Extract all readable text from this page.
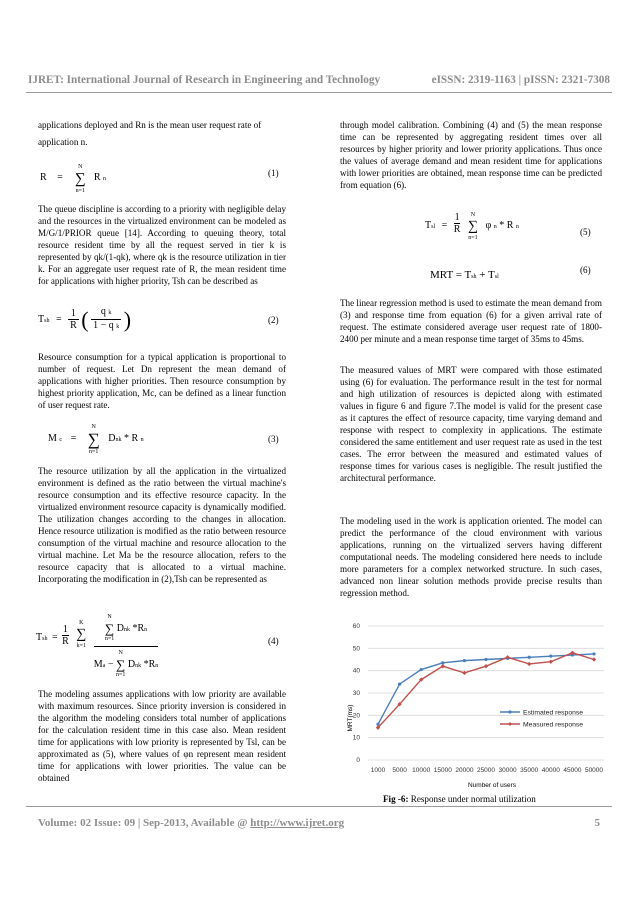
IJRET: International Journal of Research in Engineering and Technology	eISSN: 2319-1163 | pISSN: 2321-7308

applications deployed and Rn is the mean user request rate of

application n.

R =
N
∑
n=1
R n
(1)

The queue discipline is according to a priority with negligible delay and the resources in the virtualized environment can be modeled as M/G/1/PRIOR queue [14]. According to queuing theory, total resource resident time by all the request served in tier k is represented by qk/(1-qk), where qk is the resource utilization in tier k. For an aggregate user request rate of R, the mean resident time for applications with higher priority, Tsh can be described as

Tsh = $\frac{1}{R}$ ( $\frac{\text{q k}}{\text{1 − q k}}$ )	(2)

Resource consumption for a typical application is proportional to number of request. Let Dn represent the mean demand of applications with higher priorities. Then resource consumption by highest priority application, Mc, can be defined as a linear function of user request rate.

M c =
N
∑
n=1
Dnk * R n	(3)

The resource utilization by all the application in the virtualized environment is defined as the ratio between the virtual machine's resource consumption and its effective resource capacity. In the virtualized environment resource capacity is dynamically modified. The utilization changes according to the changes in allocation. Hence resource utilization is modified as the ratio between resource consumption of the virtual machine and resource allocation to the virtual machine. Let Ma be the resource allocation, refers to the resource capacity that is allocated to a virtual machine. Incorporating the modification in (2),Tsh can be represented as

Tsh = $\frac{1}{R}$

K
∑
k=1

N
∑
n=1
Dnk *Rn
Ma −
N
∑
n=1
Dnk *Rn
(4)

The modeling assumes applications with low priority are available with maximum resources. Since priority inversion is considered in the algorithm the modeling considers total number of applications for the calculation resident time in this case also. Mean resident time for applications with low priority is represented by Tsl, can be approximated as (5), where values of φn represent mean resident time for applications with lower priorities. The value can be obtained

through model calibration. Combining (4) and (5) the mean response time can be represented by aggregating resident times over all resources by higher priority and lower priority applications. Thus once the values of average demand and mean resident time for applications with lower priorities are obtained, mean response time can be predicted from equation (6).

Tsl = $\frac{1}{R}$
	N
∑
n=1
φ n * R n	(5)
MRT = Tsh + Tsl
(6)

The linear regression method is used to estimate the mean demand from (3) and response time from equation (6) for a given arrival rate of request. The estimate considered average user request rate of 1800- 2400 per minute and a mean response time target of 35ms to 45ms.

The measured values of MRT were compared with those estimated using (6) for evaluation. The performance result in the test for normal and high utilization of resources is depicted along with estimated values in figure 6 and figure 7.The model is valid for the present case as it captures the effect of resource capacity, time varying demand and response with respect to complexity in applications. The estimate considered the same entitlement and user request rate as used in the test cases. The error between the measured and estimated values of response times for various cases is negligible. The result justified the architectural performance.

The modeling used in the work is application oriented. The model can predict the performance of the cloud environment with various applications, running on the virtualized servers having different computational needs. The modeling considered here needs to include more parameters for a complex networked structure. In such cases, advanced non linear solution methods provide precise results than regression method.

0
10
20
30
40
50
60
1000 5000 10000 15000 20000 25000 30000 35000 40000 45000 50000
Estimated response
Measured response
MRT(ms)
Number of users
Fig -6: Response under normal utilization
Volume: 02 Issue: 09 | Sep-2013, Available @ http://www.ijret.org	5
